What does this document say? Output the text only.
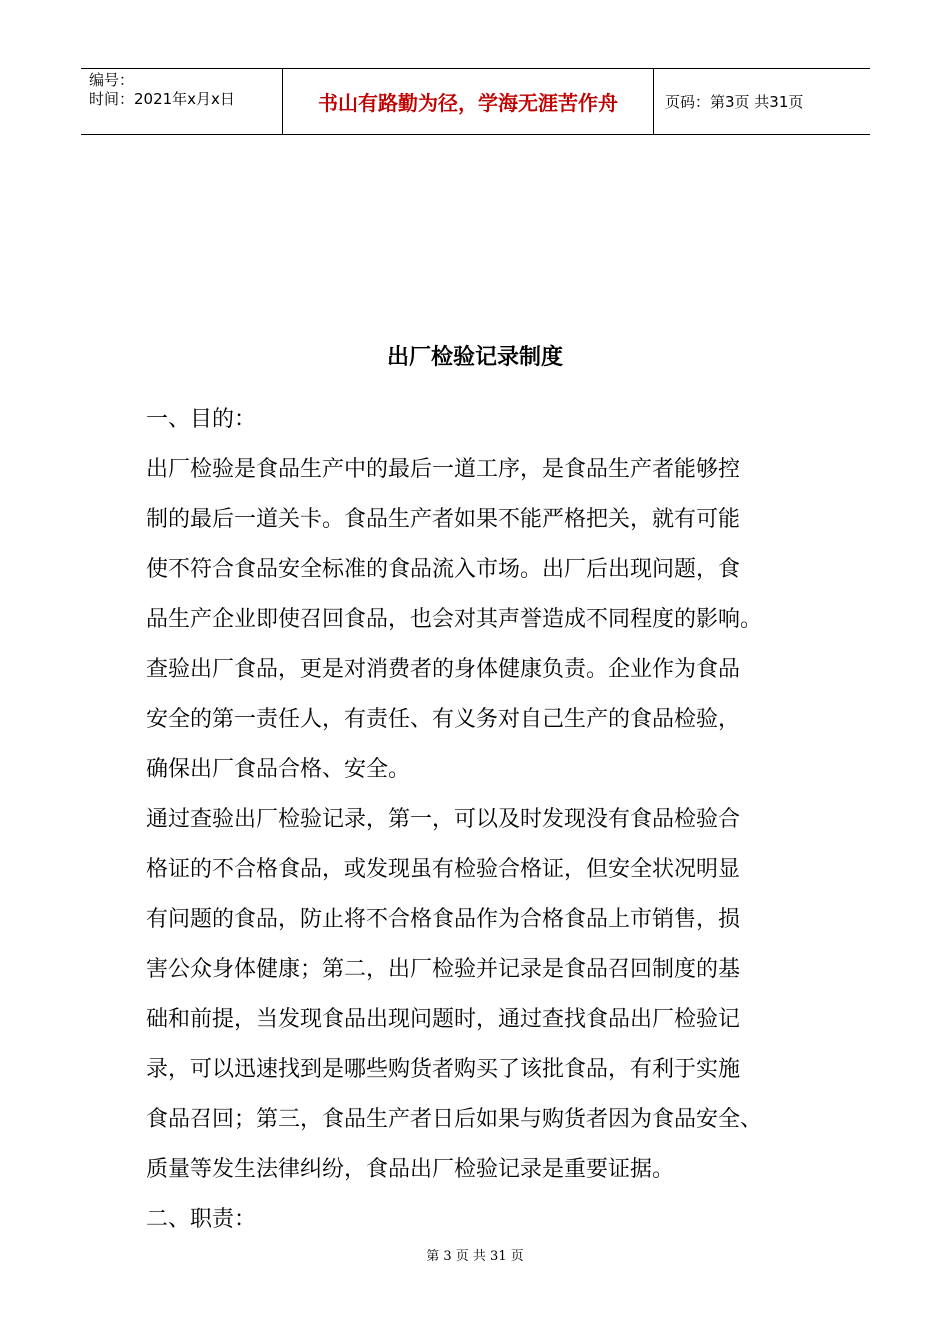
编号：
时间：2021年x月x日	书山有路勤为径，学海无涯苦作舟	页码：第3页 共31页
出厂检验记录制度

一、目的：

出厂检验是食品生产中的最后一道工序，是食品生产者能够控

制的最后一道关卡。食品生产者如果不能严格把关，就有可能

使不符合食品安全标准的食品流入市场。出厂后出现问题，食

品生产企业即使召回食品，也会对其声誉造成不同程度的影响。

查验出厂食品，更是对消费者的身体健康负责。企业作为食品

安全的第一责任人，有责任、有义务对自己生产的食品检验，

确保出厂食品合格、安全。

通过查验出厂检验记录，第一，可以及时发现没有食品检验合

格证的不合格食品，或发现虽有检验合格证，但安全状况明显

有问题的食品，防止将不合格食品作为合格食品上市销售，损

害公众身体健康；第二，出厂检验并记录是食品召回制度的基

础和前提，当发现食品出现问题时，通过查找食品出厂检验记

录，可以迅速找到是哪些购货者购买了该批食品，有利于实施

食品召回；第三，食品生产者日后如果与购货者因为食品安全、

质量等发生法律纠纷，食品出厂检验记录是重要证据。

二、职责：

第 3 页 共 31 页
